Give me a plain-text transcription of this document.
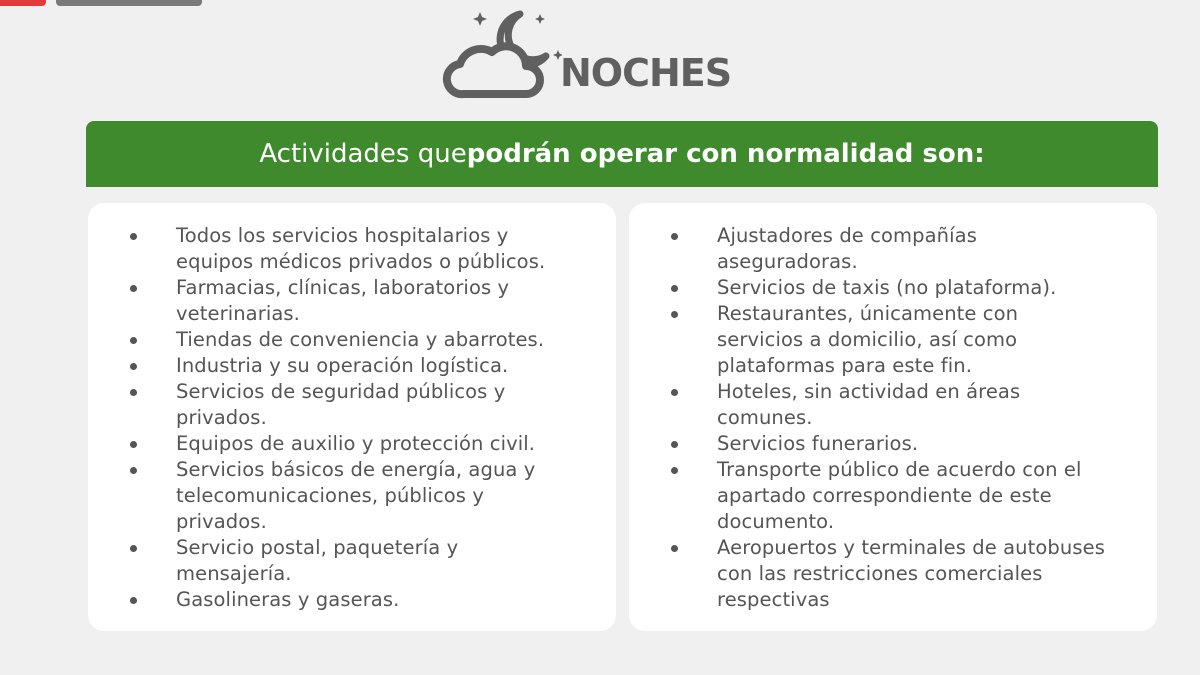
NOCHES
Actividades que podrán operar con normalidad son:
Todos los servicios hospitalarios y
equipos médicos privados o públicos.
Farmacias, clínicas, laboratorios y
veterinarias.
Tiendas de conveniencia y abarrotes.
Industria y su operación logística.
Servicios de seguridad públicos y
privados.
Equipos de auxilio y protección civil.
Servicios básicos de energía, agua y
telecomunicaciones, públicos y
privados.
Servicio postal, paquetería y
mensajería.
Gasolineras y gaseras.
Ajustadores de compañías
aseguradoras.
Servicios de taxis (no plataforma).
Restaurantes, únicamente con
servicios a domicilio, así como
plataformas para este fin.
Hoteles, sin actividad en áreas
comunes.
Servicios funerarios.
Transporte público de acuerdo con el
apartado correspondiente de este
documento.
Aeropuertos y terminales de autobuses
con las restricciones comerciales
respectivas
